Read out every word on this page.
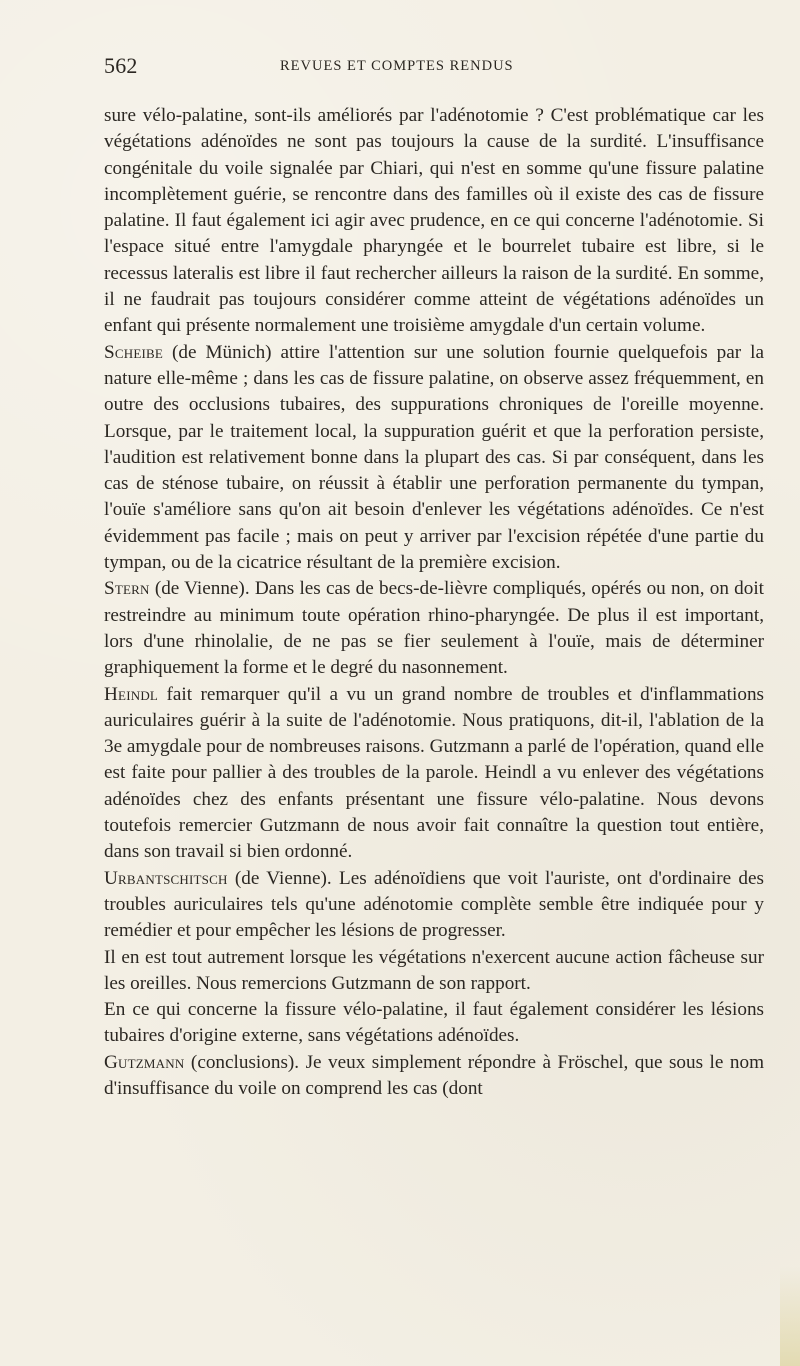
562	REVUES ET COMPTES RENDUS

sure vélo-palatine, sont-ils améliorés par l'adénotomie ? C'est problématique car les végétations adénoïdes ne sont pas toujours la cause de la surdité. L'insuffisance congénitale du voile signalée par Chiari, qui n'est en somme qu'une fissure palatine incomplètement guérie, se rencontre dans des familles où il existe des cas de fissure palatine. Il faut également ici agir avec prudence, en ce qui concerne l'adénotomie. Si l'espace situé entre l'amygdale pharyngée et le bourrelet tubaire est libre, si le recessus lateralis est libre il faut rechercher ailleurs la raison de la surdité. En somme, il ne faudrait pas toujours considérer comme atteint de végétations adénoïdes un enfant qui présente normalement une troisième amygdale d'un certain volume.

Scheibe (de Münich) attire l'attention sur une solution fournie quelquefois par la nature elle-même ; dans les cas de fissure palatine, on observe assez fréquemment, en outre des occlusions tubaires, des suppurations chroniques de l'oreille moyenne. Lorsque, par le traitement local, la suppuration guérit et que la perforation persiste, l'audition est relativement bonne dans la plupart des cas. Si par conséquent, dans les cas de sténose tubaire, on réussit à établir une perforation permanente du tympan, l'ouïe s'améliore sans qu'on ait besoin d'enlever les végétations adénoïdes. Ce n'est évidemment pas facile ; mais on peut y arriver par l'excision répétée d'une partie du tympan, ou de la cicatrice résultant de la première excision.

Stern (de Vienne). Dans les cas de becs-de-lièvre compliqués, opérés ou non, on doit restreindre au minimum toute opération rhino-pharyngée. De plus il est important, lors d'une rhinolalie, de ne pas se fier seulement à l'ouïe, mais de déterminer graphiquement la forme et le degré du nasonnement.

Heindl fait remarquer qu'il a vu un grand nombre de troubles et d'inflammations auriculaires guérir à la suite de l'adénotomie. Nous pratiquons, dit-il, l'ablation de la 3e amygdale pour de nombreuses raisons. Gutzmann a parlé de l'opération, quand elle est faite pour pallier à des troubles de la parole. Heindl a vu enlever des végétations adénoïdes chez des enfants présentant une fissure vélo-palatine. Nous devons toutefois remercier Gutzmann de nous avoir fait connaître la question tout entière, dans son travail si bien ordonné.

Urbantschitsch (de Vienne). Les adénoïdiens que voit l'auriste, ont d'ordinaire des troubles auriculaires tels qu'une adénotomie complète semble être indiquée pour y remédier et pour empêcher les lésions de progresser.

Il en est tout autrement lorsque les végétations n'exercent aucune action fâcheuse sur les oreilles. Nous remercions Gutzmann de son rapport.

En ce qui concerne la fissure vélo-palatine, il faut également considérer les lésions tubaires d'origine externe, sans végétations adénoïdes.

Gutzmann (conclusions). Je veux simplement répondre à Fröschel, que sous le nom d'insuffisance du voile on comprend les cas (dont
